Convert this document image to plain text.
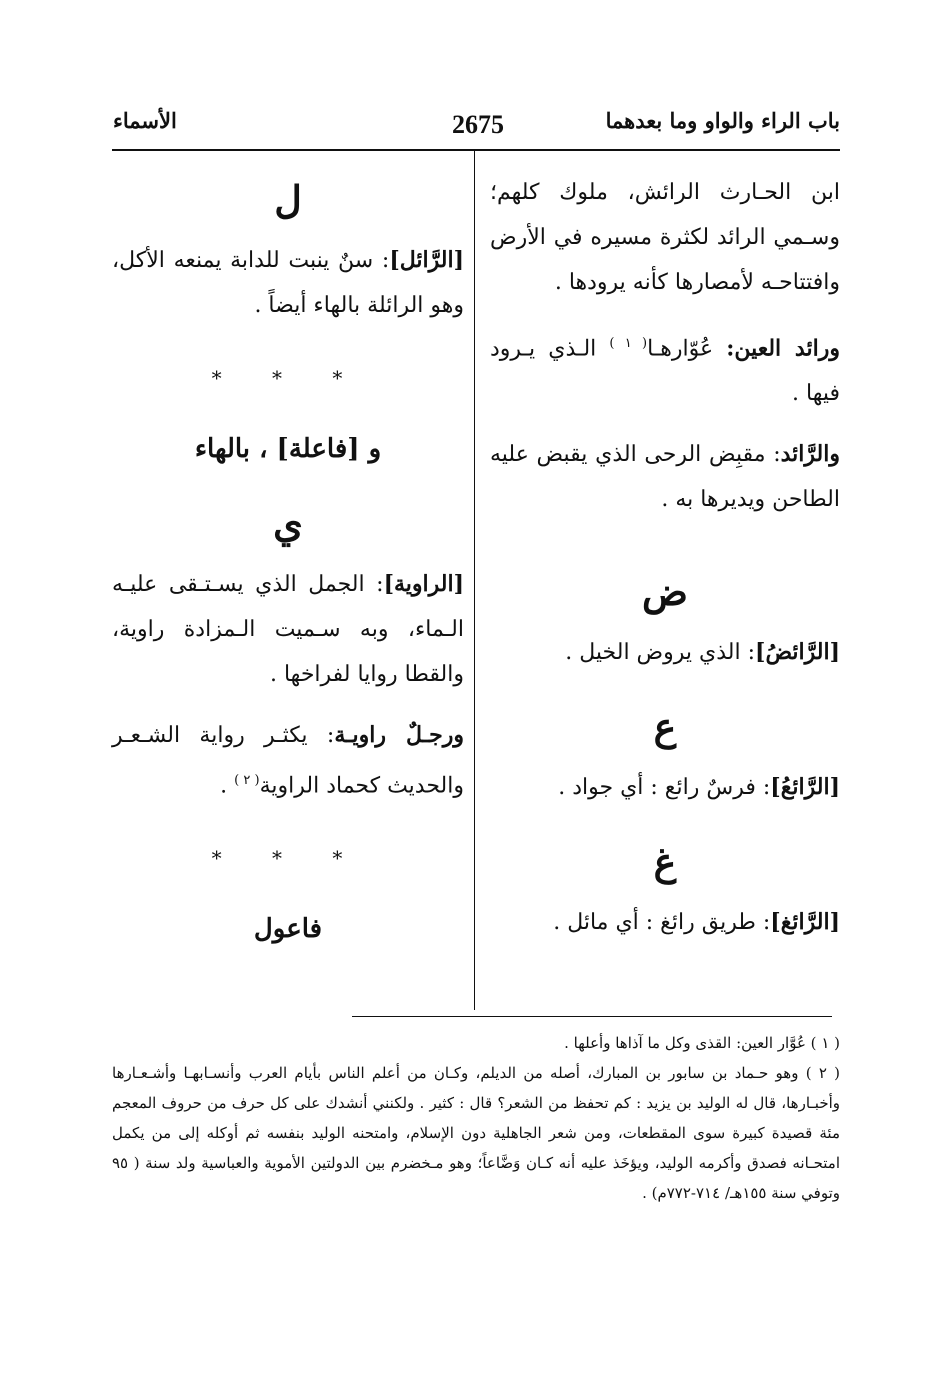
باب الراء والواو وما بعدهما
2675
الأسماء

ابن الحـارث الرائش، ملوك كلهم؛ وسـمي الرائد لكثرة مسيره في الأرض وافتتاحـه لأمصارها كأنه يرودها .

ورائد العين: عُوّارهـا$^{( ١ )}$ الـذي يـرود فيها .

والرَّائد: مقبِض الرحى الذي يقبض عليه الطاحن ويديرها به .

ض

[الرَّائضُ]: الذي يروض الخيل .

ع

[الرَّائعُ]: فرسٌ رائع : أي جواد .

غ

[الرَّائغ]: طريق رائغ : أي مائل .

ل

[الرَّائل]: سنٌ ينبت للدابة يمنعه الأكل، وهو الرائلة بالهاء أيضاً .

* * *
و [فاعلة] ، بالهاء
ي

[الراوية]: الجمل الذي يسـتـقى عليـه الـماء، وبه سـميت الـمزادة راوية، والقطا روايا لفراخها .

ورجـلٌ راويـة: يكثـر رواية الشـعـر والحديث كحماد الراوية$^{( ٢ )}$ .

* * *
فاعول

( ١ ) عُوَّار العين: القذى وكل ما آذاها وأعلها .

( ٢ ) وهو حـماد بن سابور بن المبارك، أصله من الديلم، وكـان من أعلم الناس بأيام العرب وأنسـابهـا وأشـعـارها وأخبـارها، قال له الوليد بن يزيد : كم تحفظ من الشعر؟ قال : كثير . ولكنني أنشدك على كل حرف من حروف المعجم مئة قصيدة كبيرة سوى المقطعات، ومن شعر الجاهلية دون الإسلام، وامتحنه الوليد بنفسه ثم أوكله إلى من يكمل امتحـانه فصدق وأكرمه الوليد، ويؤخَذ عليه أنه كـان وَضَّاعاً؛ وهو مـخضرم بين الدولتين الأموية والعباسية ولد سنة ( ٩٥ وتوفي سنة ١٥٥هـ/ ٧١٤-٧٧٢م) .
